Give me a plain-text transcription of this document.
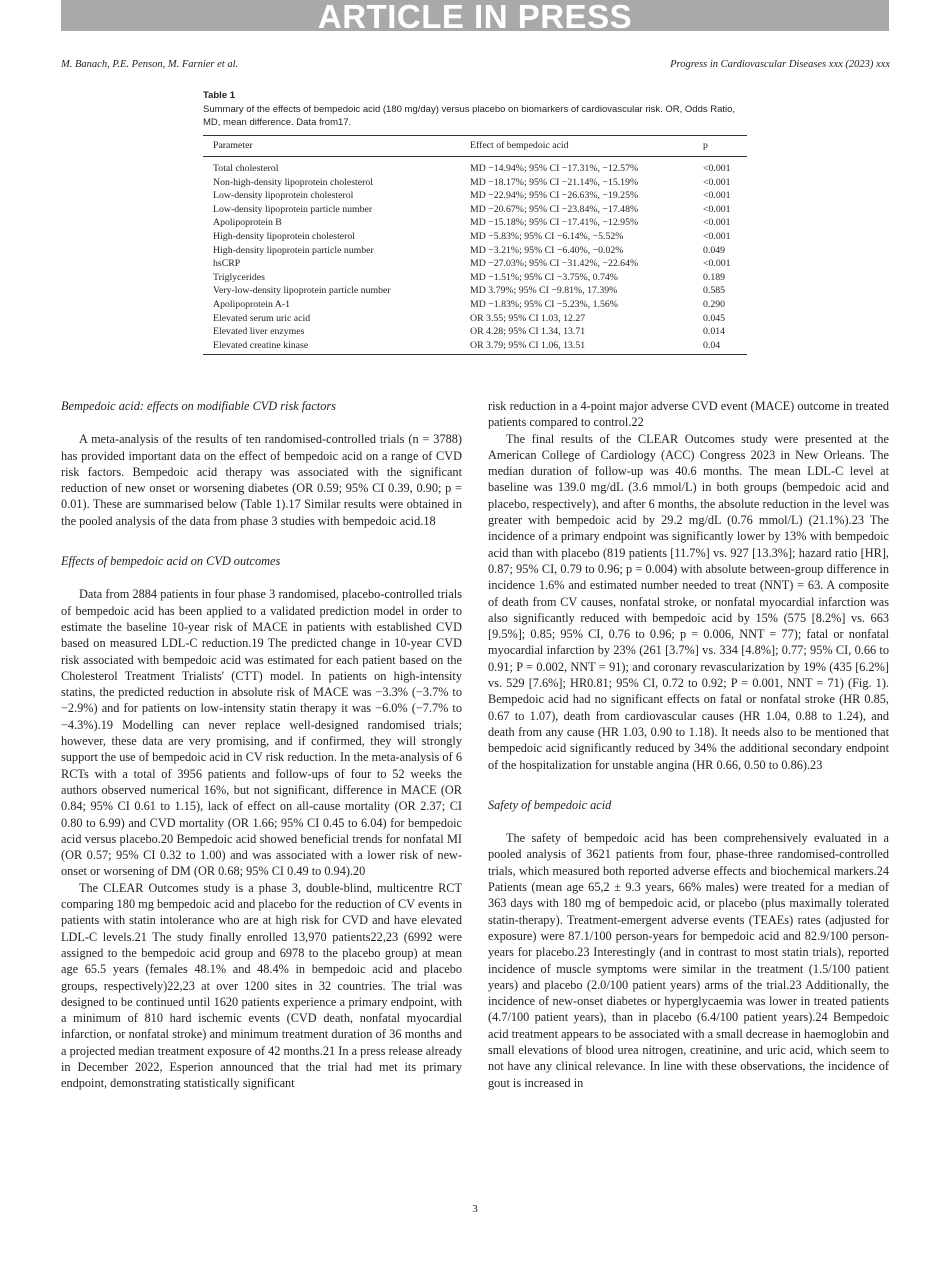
ARTICLE IN PRESS
M. Banach, P.E. Penson, M. Farnier et al.	Progress in Cardiovascular Diseases xxx (2023) xxx

Table 1

Summary of the effects of bempedoic acid (180 mg/day) versus placebo on biomarkers of cardiovascular risk. OR, Odds Ratio, MD, mean difference. Data from17.

Parameter	Effect of bempedoic acid	p
Total cholesterol	MD −14.94%; 95% CI −17.31%, −12.57%	<0.001
Non-high-density lipoprotein cholesterol	MD −18.17%; 95% CI −21.14%, −15.19%	<0.001
Low-density lipoprotein cholesterol	MD −22.94%; 95% CI −26.63%, −19.25%	<0.001
Low-density lipoprotein particle number	MD −20.67%; 95% CI −23.84%, −17.48%	<0.001
Apolipoprotein B	MD −15.18%; 95% CI −17.41%, −12.95%	<0.001
High-density lipoprotein cholesterol	MD −5.83%; 95% CI −6.14%, −5.52%	<0.001
High-density lipoprotein particle number	MD −3.21%; 95% CI −6.40%, −0.02%	0.049
hsCRP	MD −27.03%; 95% CI −31.42%, −22.64%	<0.001
Triglycerides	MD −1.51%; 95% CI −3.75%, 0.74%	0.189
Very-low-density lipoprotein particle number	MD 3.79%; 95% CI −9.81%, 17.39%	0.585
Apolipoprotein A-1	MD −1.83%; 95% CI −5.23%, 1.56%	0.290
Elevated serum uric acid	OR 3.55; 95% CI 1.03, 12.27	0.045
Elevated liver enzymes	OR 4.28; 95% CI 1.34, 13.71	0.014
Elevated creatine kinase	OR 3.79; 95% CI 1.06, 13.51	0.04
Bempedoic acid: effects on modifiable CVD risk factors

A meta-analysis of the results of ten randomised-controlled trials (n = 3788) has provided important data on the effect of bempedoic acid on a range of CVD risk factors. Bempedoic acid therapy was associated with the significant reduction of new onset or worsening diabetes (OR 0.59; 95% CI 0.39, 0.90; p = 0.01). These are summarised below (Table 1).17 Similar results were obtained in the pooled analysis of the data from phase 3 studies with bempedoic acid.18

Effects of bempedoic acid on CVD outcomes

Data from 2884 patients in four phase 3 randomised, placebo-controlled trials of bempedoic acid has been applied to a validated prediction model in order to estimate the baseline 10-year risk of MACE in patients with established CVD based on measured LDL-C reduction.19 The predicted change in 10-year CVD risk associated with bempedoic acid was estimated for each patient based on the Cholesterol Treatment Trialists' (CTT) model. In patients on high-intensity statins, the predicted reduction in absolute risk of MACE was −3.3% (−3.7% to −2.9%) and for patients on low-intensity statin therapy it was −6.0% (−7.7% to −4.3%).19 Modelling can never replace well-designed randomised trials; however, these data are very promising, and if confirmed, they will strongly support the use of bempedoic acid in CV risk reduction. In the meta-analysis of 6 RCTs with a total of 3956 patients and follow-ups of four to 52 weeks the authors observed numerical 16%, but not significant, difference in MACE (OR 0.84; 95% CI 0.61 to 1.15), lack of effect on all-cause mortality (OR 2.37; CI 0.80 to 6.99) and CVD mortality (OR 1.66; 95% CI 0.45 to 6.04) for bempedoic acid versus placebo.20 Bempedoic acid showed beneficial trends for nonfatal MI (OR 0.57; 95% CI 0.32 to 1.00) and was associated with a lower risk of new-onset or worsening of DM (OR 0.68; 95% CI 0.49 to 0.94).20

The CLEAR Outcomes study is a phase 3, double-blind, multicentre RCT comparing 180 mg bempedoic acid and placebo for the reduction of CV events in patients with statin intolerance who are at high risk for CVD and have elevated LDL-C levels.21 The study finally enrolled 13,970 patients22,23 (6992 were assigned to the bempedoic acid group and 6978 to the placebo group) at mean age 65.5 years (females 48.1% and 48.4% in bempedoic acid and placebo groups, respectively)22,23 at over 1200 sites in 32 countries. The trial was designed to be continued until 1620 patients experience a primary endpoint, with a minimum of 810 hard ischemic events (CVD death, nonfatal myocardial infarction, or nonfatal stroke) and minimum treatment duration of 36 months and a projected median treatment exposure of 42 months.21 In a press release already in December 2022, Esperion announced that the trial had met its primary endpoint, demonstrating statistically significant

risk reduction in a 4-point major adverse CVD event (MACE) outcome in treated patients compared to control.22

The final results of the CLEAR Outcomes study were presented at the American College of Cardiology (ACC) Congress 2023 in New Orleans. The median duration of follow-up was 40.6 months. The mean LDL-C level at baseline was 139.0 mg/dL (3.6 mmol/L) in both groups (bempedoic acid and placebo, respectively), and after 6 months, the absolute reduction in the level was greater with bempedoic acid by 29.2 mg/dL (0.76 mmol/L) (21.1%).23 The incidence of a primary endpoint was significantly lower by 13% with bempedoic acid than with placebo (819 patients [11.7%] vs. 927 [13.3%]; hazard ratio [HR], 0.87; 95% CI, 0.79 to 0.96; p = 0.004) with absolute between-group difference in incidence 1.6% and estimated number needed to treat (NNT) = 63. A composite of death from CV causes, nonfatal stroke, or nonfatal myocardial infarction was also significantly reduced with bempedoic acid by 15% (575 [8.2%] vs. 663 [9.5%]; 0.85; 95% CI, 0.76 to 0.96; p = 0.006, NNT = 77); fatal or nonfatal myocardial infarction by 23% (261 [3.7%] vs. 334 [4.8%]; 0.77; 95% CI, 0.66 to 0.91; P = 0.002, NNT = 91); and coronary revascularization by 19% (435 [6.2%] vs. 529 [7.6%]; HR0.81; 95% CI, 0.72 to 0.92; P = 0.001, NNT = 71) (Fig. 1). Bempedoic acid had no significant effects on fatal or nonfatal stroke (HR 0.85, 0.67 to 1.07), death from cardiovascular causes (HR 1.04, 0.88 to 1.24), and death from any cause (HR 1.03, 0.90 to 1.18). It needs also to be mentioned that bempedoic acid significantly reduced by 34% the additional secondary endpoint of the hospitalization for unstable angina (HR 0.66, 0.50 to 0.86).23

Safety of bempedoic acid

The safety of bempedoic acid has been comprehensively evaluated in a pooled analysis of 3621 patients from four, phase-three randomised-controlled trials, which measured both reported adverse effects and biochemical markers.24 Patients (mean age 65,2 ± 9.3 years, 66% males) were treated for a median of 363 days with 180 mg of bempedoic acid, or placebo (plus maximally tolerated statin-therapy). Treatment-emergent adverse events (TEAEs) rates (adjusted for exposure) were 87.1/100 person-years for bempedoic acid and 82.9/100 person-years for placebo.23 Interestingly (and in contrast to most statin trials), reported incidence of muscle symptoms were similar in the treatment (1.5/100 patient years) and placebo (2.0/100 patient years) arms of the trial.23 Additionally, the incidence of new-onset diabetes or hyperglycaemia was lower in treated patients (4.7/100 patient years), than in placebo (6.4/100 patient years).24 Bempedoic acid treatment appears to be associated with a small decrease in haemoglobin and small elevations of blood urea nitrogen, creatinine, and uric acid, which seem to not have any clinical relevance. In line with these observations, the incidence of gout is increased in

3
